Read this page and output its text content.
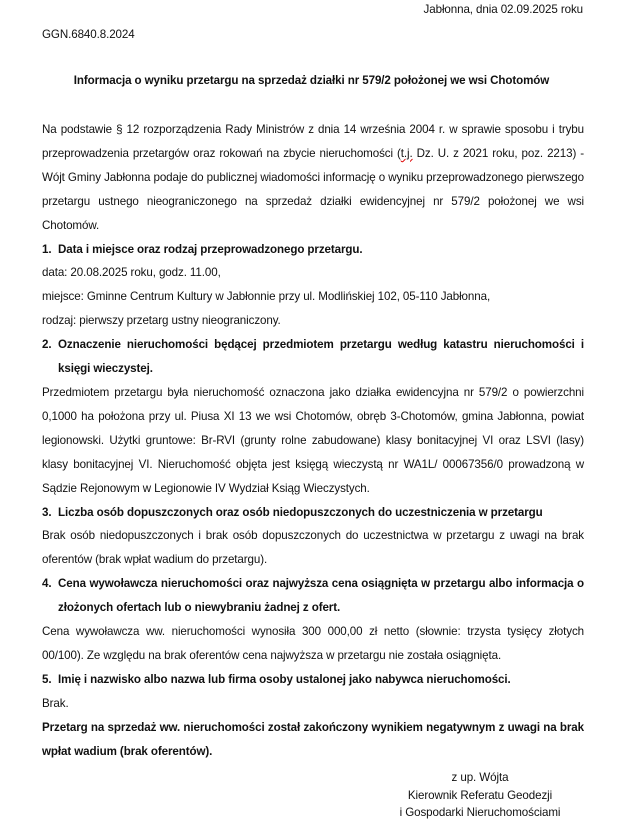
Jabłonna, dnia 02.09.2025 roku
GGN.6840.8.2024
Informacja o wyniku przetargu na sprzedaż działki nr 579/2 położonej we wsi Chotomów

Na podstawie § 12 rozporządzenia Rady Ministrów z dnia 14 września 2004 r. w sprawie sposobu i trybu przeprowadzenia przetargów oraz rokowań na zbycie nieruchomości (t.j. Dz. U. z 2021 roku, poz. 2213) - Wójt Gminy Jabłonna podaje do publicznej wiadomości informację o wyniku przeprowadzonego pierwszego przetargu ustnego nieograniczonego na sprzedaż działki ewidencyjnej nr 579/2 położonej we wsi Chotomów.

1. Data i miejsce oraz rodzaj przeprowadzonego przetargu.

data: 20.08.2025 roku, godz. 11.00,

miejsce: Gminne Centrum Kultury w Jabłonnie przy ul. Modlińskiej 102, 05-110 Jabłonna,

rodzaj: pierwszy przetarg ustny nieograniczony.

2. Oznaczenie nieruchomości będącej przedmiotem przetargu według katastru nieruchomości i księgi wieczystej.

Przedmiotem przetargu była nieruchomość oznaczona jako działka ewidencyjna nr 579/2 o powierzchni 0,1000 ha położona przy ul. Piusa XI 13 we wsi Chotomów, obręb 3-Chotomów, gmina Jabłonna, powiat legionowski. Użytki gruntowe: Br-RVI (grunty rolne zabudowane) klasy bonitacyjnej VI oraz LSVI (lasy) klasy bonitacyjnej VI. Nieruchomość objęta jest księgą wieczystą nr WA1L/ 00067356/0 prowadzoną w Sądzie Rejonowym w Legionowie IV Wydział Ksiąg Wieczystych.

3. Liczba osób dopuszczonych oraz osób niedopuszczonych do uczestniczenia w przetargu

Brak osób niedopuszczonych i brak osób dopuszczonych do uczestnictwa w przetargu z uwagi na brak oferentów (brak wpłat wadium do przetargu).

4. Cena wywoławcza nieruchomości oraz najwyższa cena osiągnięta w przetargu albo informacja o złożonych ofertach lub o niewybraniu żadnej z ofert.

Cena wywoławcza ww. nieruchomości wynosiła 300 000,00 zł netto (słownie: trzysta tysięcy złotych 00/100). Ze względu na brak oferentów cena najwyższa w przetargu nie została osiągnięta.

5. Imię i nazwisko albo nazwa lub firma osoby ustalonej jako nabywca nieruchomości.

Brak.

Przetarg na sprzedaż ww. nieruchomości został zakończony wynikiem negatywnym z uwagi na brak wpłat wadium (brak oferentów).

z up. Wójta
Kierownik Referatu Geodezji
i Gospodarki Nieruchomościami
